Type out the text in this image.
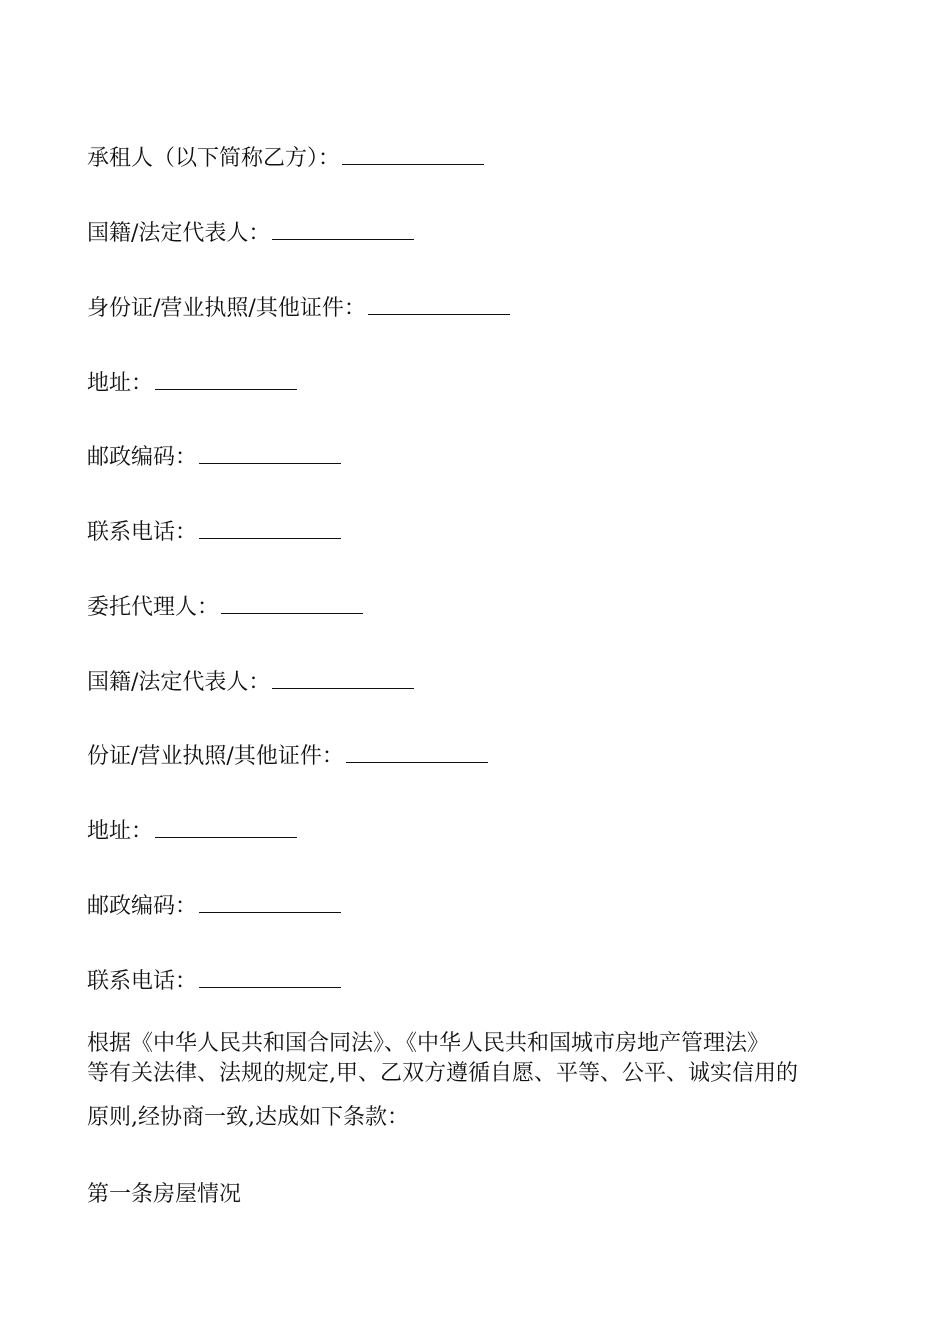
承租人（以下简称乙方）：
国籍/法定代表人：
身份证/营业执照/其他证件：
地址：
邮政编码：
联系电话：
委托代理人：
国籍/法定代表人：
份证/营业执照/其他证件：
地址：
邮政编码：
联系电话：
根据《中华人民共和国合同法》、《中华人民共和国城市房地产管理法》
等有关法律、法规的规定,甲、乙双方遵循自愿、平等、公平、诚实信用的
原则,经协商一致,达成如下条款：
第一条房屋情况
